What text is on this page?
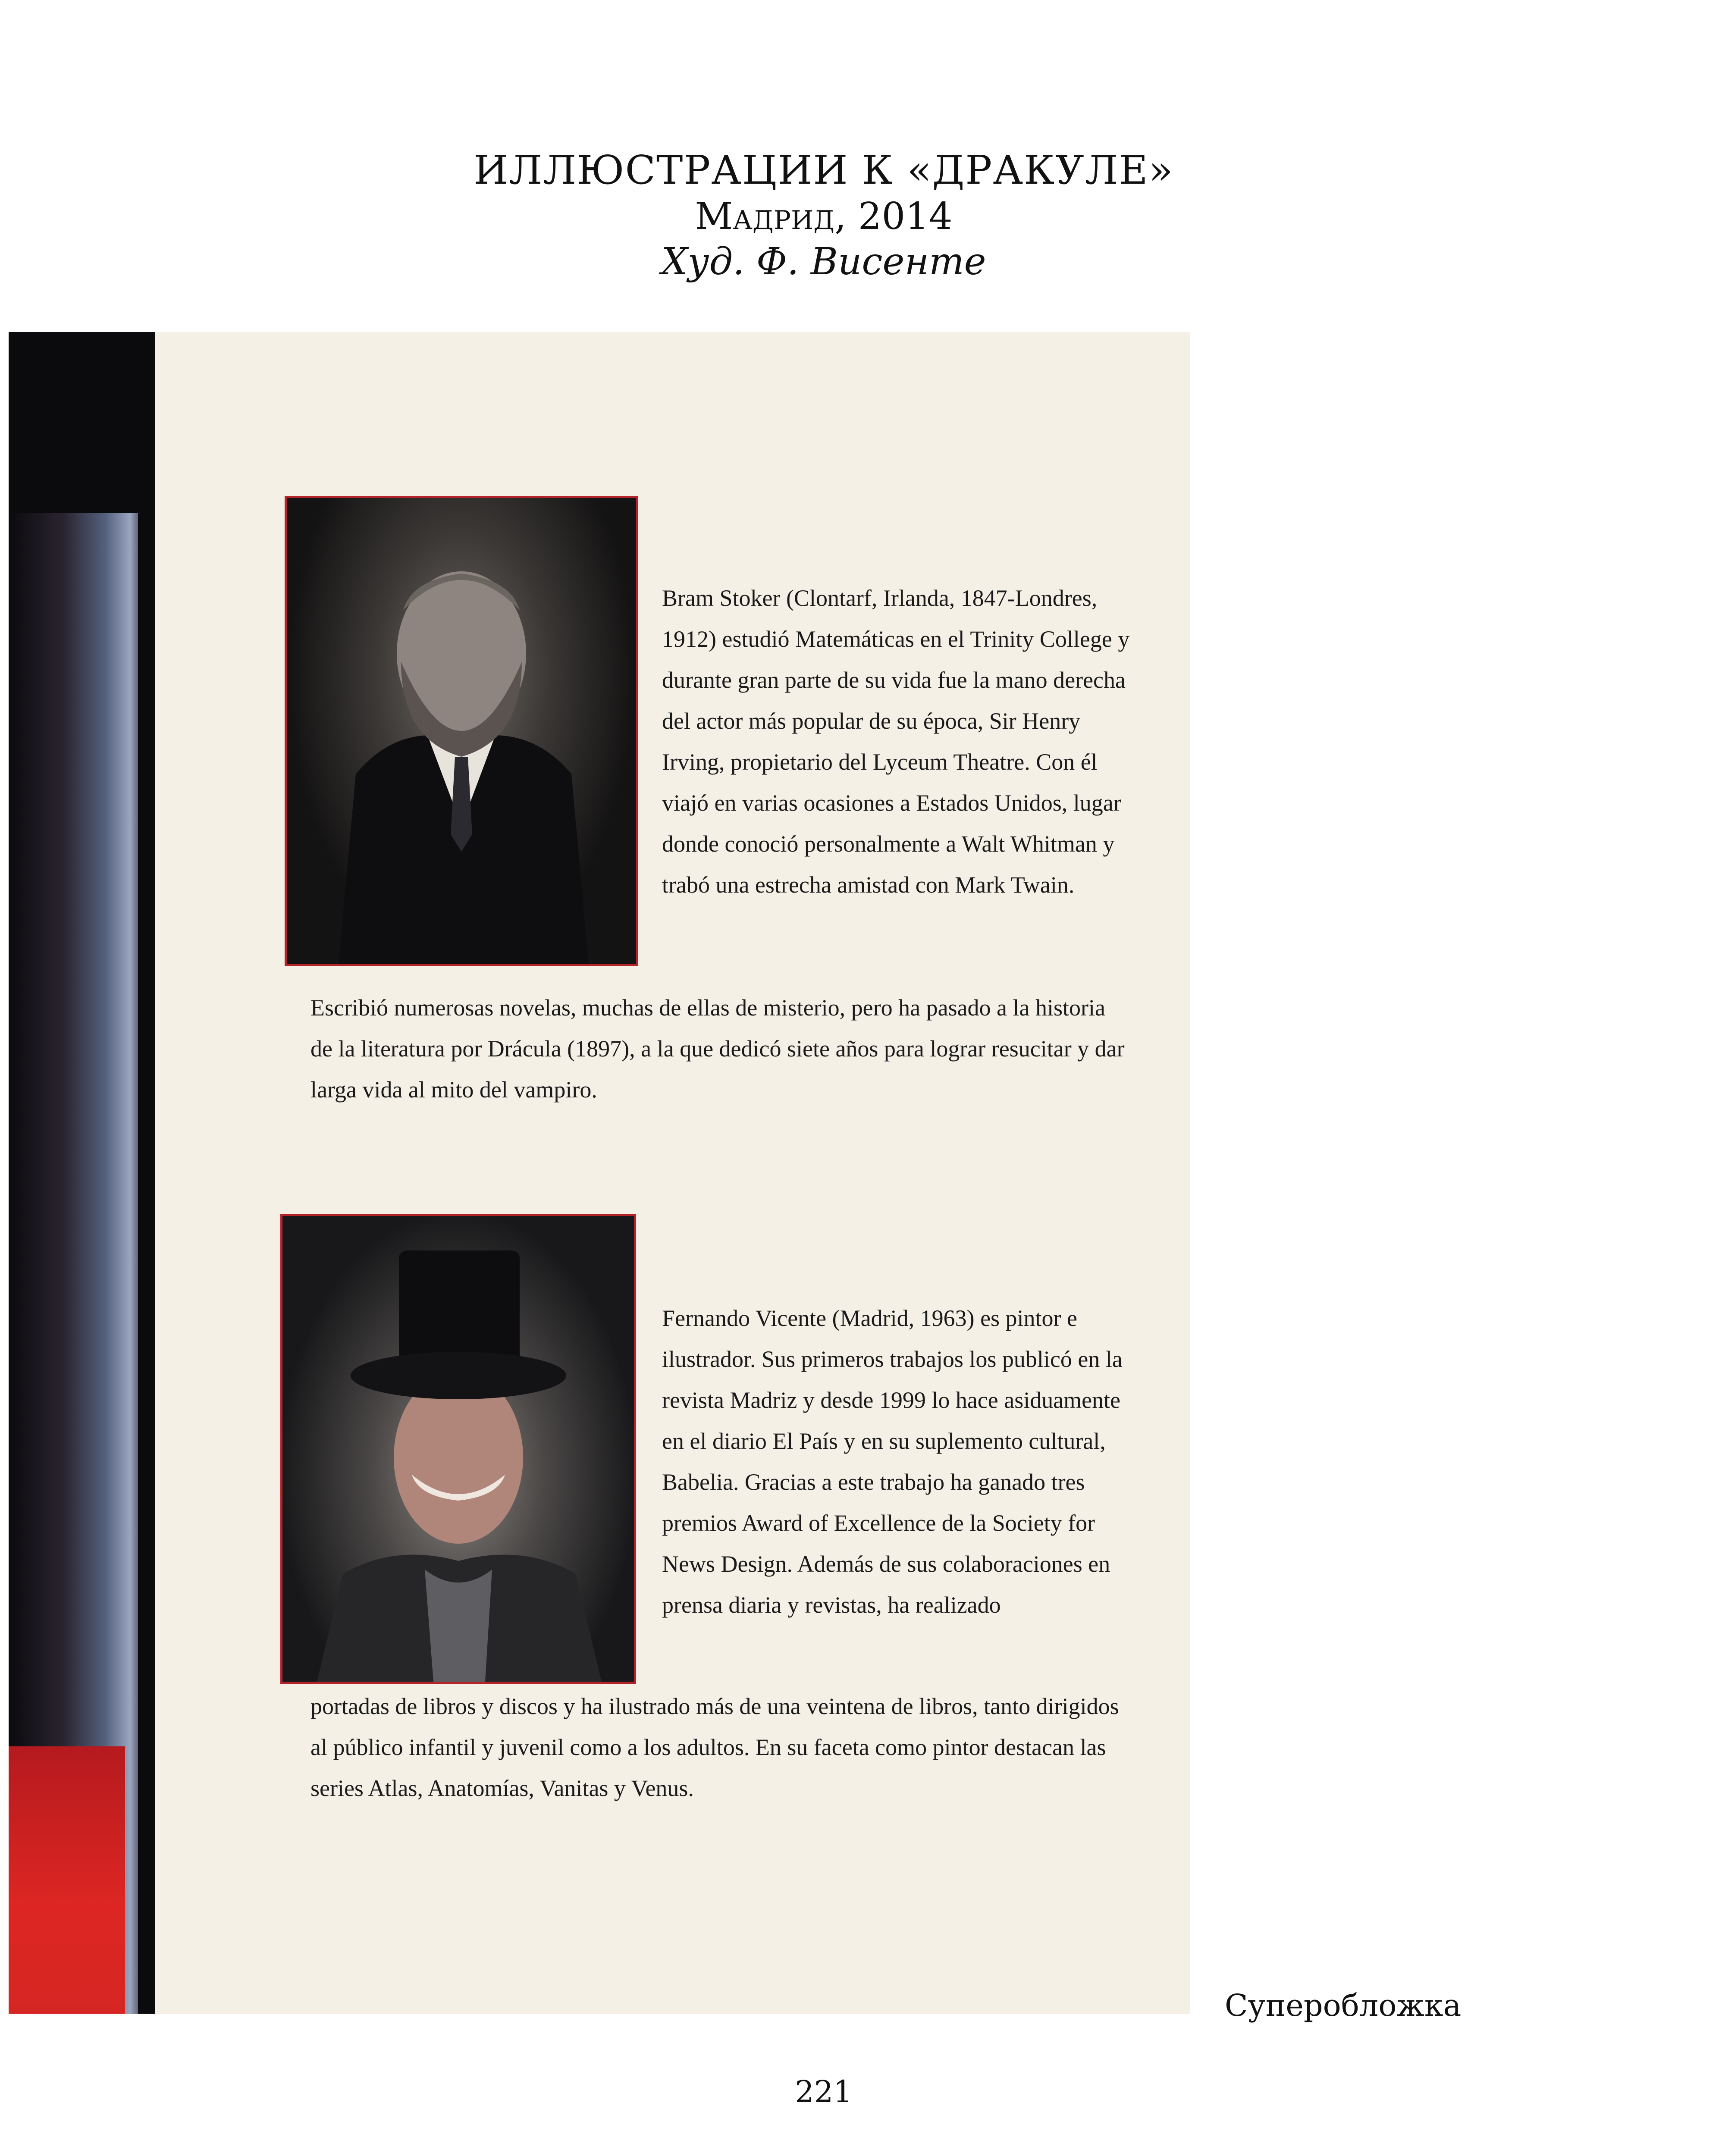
ИЛЛЮСТРАЦИИ К «ДРАКУЛЕ»
Мадрид, 2014
Худ. Ф. Висенте
Bram Stoker (Clontarf, Irlanda, 1847-Londres, 1912) estudió Matemáticas en el Trinity College y durante gran parte de su vida fue la mano derecha del actor más popular de su época, Sir Henry Irving, propietario del Lyceum Theatre. Con él viajó en varias ocasiones a Estados Unidos, lugar donde conoció personalmente a Walt Whitman y trabó una estrecha amistad con Mark Twain.
Escribió numerosas novelas, muchas de ellas de misterio, pero ha pasado a la historia de la literatura por Drácula (1897), a la que dedicó siete años para lograr resucitar y dar larga vida al mito del vampiro.
Fernando Vicente (Madrid, 1963) es pintor e ilustrador. Sus primeros trabajos los publicó en la revista Madriz y desde 1999 lo hace asiduamente en el diario El País y en su suplemento cultural, Babelia. Gracias a este trabajo ha ganado tres premios Award of Excellence de la Society for News Design. Además de sus colaboraciones en prensa diaria y revistas, ha realizado
portadas de libros y discos y ha ilustrado más de una veintena de libros, tanto dirigidos al público infantil y juvenil como a los adultos. En su faceta como pintor destacan las series Atlas, Anatomías, Vanitas y Venus.
Суперобложка
221
